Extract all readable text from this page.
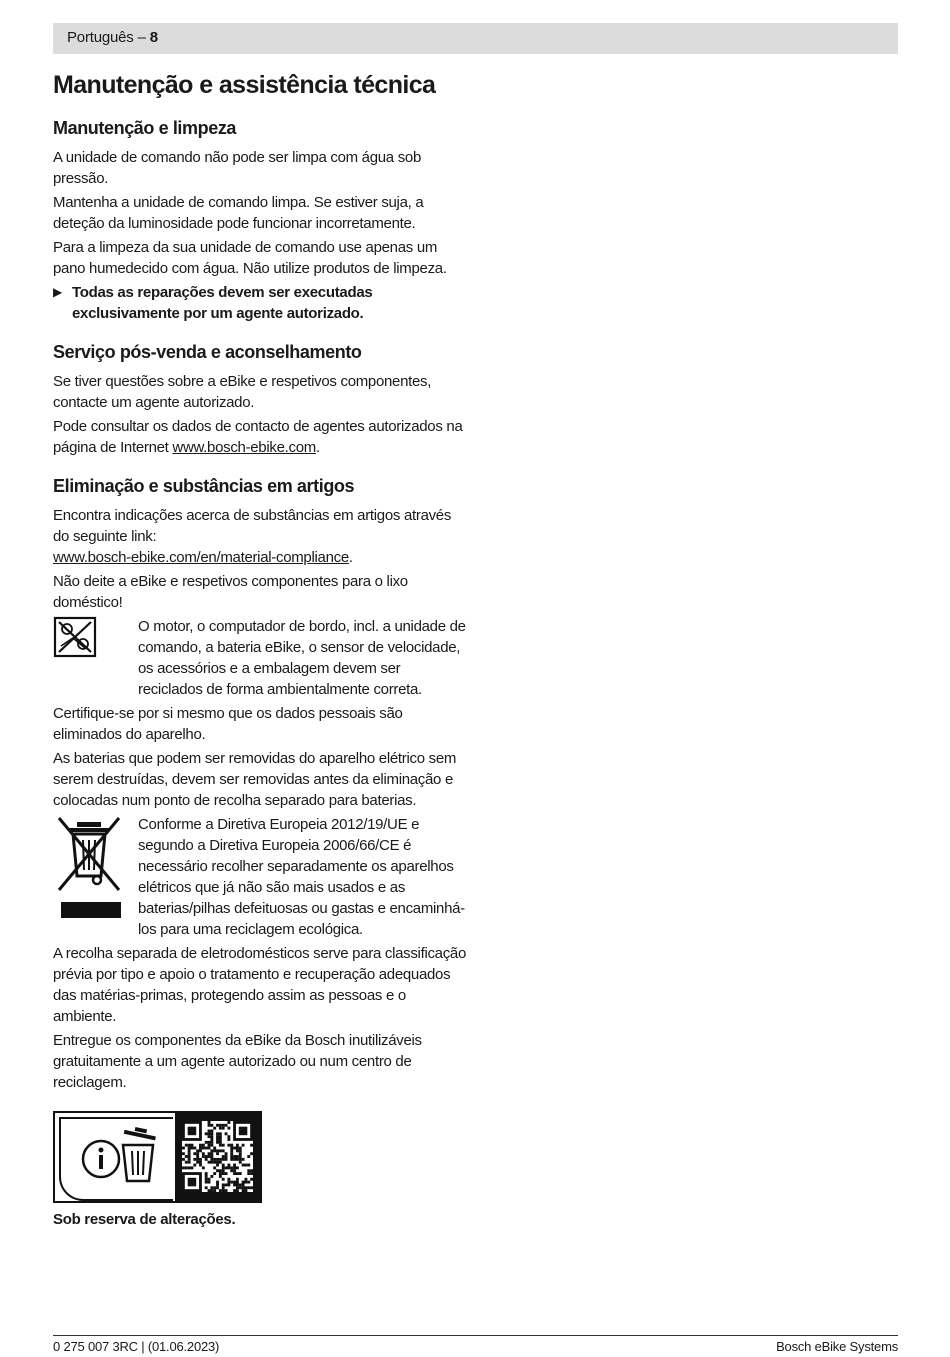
Português – 8
Manutenção e assistência técnica
Manutenção e limpeza

A unidade de comando não pode ser limpa com água sob pressão.

Mantenha a unidade de comando limpa. Se estiver suja, a deteção da luminosidade pode funcionar incorretamente.

Para a limpeza da sua unidade de comando use apenas um pano humedecido com água. Não utilize produtos de limpeza.

▶ Todas as reparações devem ser executadas exclusivamente por um agente autorizado.
Serviço pós-venda e aconselhamento

Se tiver questões sobre a eBike e respetivos componentes, contacte um agente autorizado.

Pode consultar os dados de contacto de agentes autorizados na página de Internet www.bosch-ebike.com.

Eliminação e substâncias em artigos

Encontra indicações acerca de substâncias em artigos através do seguinte link:
www.bosch-ebike.com/en/material-compliance.

Não deite a eBike e respetivos componentes para o lixo doméstico!

O motor, o computador de bordo, incl. a unidade de comando, a bateria eBike, o sensor de velocidade, os acessórios e a embalagem devem ser reciclados de forma ambientalmente correta.

Certifique-se por si mesmo que os dados pessoais são eliminados do aparelho.

As baterias que podem ser removidas do aparelho elétrico sem serem destruídas, devem ser removidas antes da eliminação e colocadas num ponto de recolha separado para baterias.

Conforme a Diretiva Europeia 2012/19/UE e segundo a Diretiva Europeia 2006/66/CE é necessário recolher separadamente os aparelhos elétricos que já não são mais usados e as baterias/pilhas defeituosas ou gastas e encaminhá-los para uma reciclagem ecológica.

A recolha separada de eletrodomésticos serve para classificação prévia por tipo e apoio o tratamento e recuperação adequados das matérias-primas, protegendo assim as pessoas e o ambiente.

Entregue os componentes da eBike da Bosch inutilizáveis gratuitamente a um agente autorizado ou num centro de reciclagem.

Sob reserva de alterações.
0 275 007 3RC | (01.06.2023)	Bosch eBike Systems
